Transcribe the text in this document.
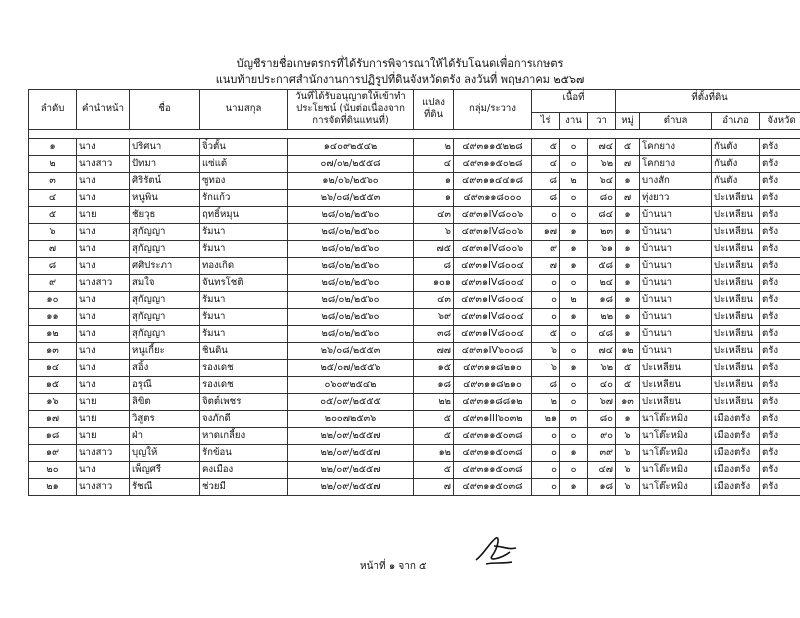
บัญชีรายชื่อเกษตรกรที่ได้รับการพิจารณาให้ได้รับโฉนดเพื่อการเกษตร
แนบท้ายประกาศสำนักงานการปฏิรูปที่ดินจังหวัดตรัง ลงวันที่ พฤษภาคม ๒๕๖๗
ลำดับ	คำนำหน้า	ชื่อ	นามสกุล	วันที่ได้รับอนุญาตให้เข้าทำประโยชน์ (นับต่อเนื่องจากการจัดที่ดินแทนที่)	แปลงที่ดิน	กลุ่ม/ระวาง	เนื้อที่			ที่ตั้งที่ดิน			

							ไร่	งาน	วา	หมู่	ตำบล	อำเภอ	จังหวัด

๑	นาง	ปริศนา	จิ๋วตั้น	๑๔๐๙๒๕๔๒	๒	๔๙๓๑๑๕๒๒๘	๕	๐	๗๔	๕	โคกยาง	กันตัง	ตรัง
๒	นางสาว	ปัทมา	แซ่แต้	๐๗/๐๒/๒๕๕๘	๔	๔๙๓๑๑๕๐๒๘	๔	๐	๖๒	๗	โคกยาง	กันตัง	ตรัง
๓	นาง	ศิริรัตน์	ซูทอง	๑๒/๐๖/๒๕๖๐	๑	๔๙๓๑๑๔๔๑๘	๘	๒	๖๔	๑	บางสัก	กันตัง	ตรัง
๔	นาง	หนูพิน	รักแก้ว	๒๖/๐๘/๒๕๕๓	๑	๔๙๓๑๑๘๐๐๐	๘	๐	๘๐	๗	ทุ่งยาว	ปะเหลียน	ตรัง
๕	นาย	ชัยวุธ	ฤทธิ์หมุน	๒๘/๐๒/๒๕๖๐	๔๓	๔๙๓๑IV๘๐๐๖	๐	๐	๘๔	๑	บ้านนา	ปะเหลียน	ตรัง
๖	นาง	สุกัญญา	รัมนา	๒๘/๐๒/๒๕๖๐	๖	๔๙๓๑IV๘๐๐๖	๑๗	๑	๒๓	๑	บ้านนา	ปะเหลียน	ตรัง
๗	นาง	สุกัญญา	รัมนา	๒๘/๐๒/๒๕๖๐	๗๕	๔๙๓๑IV๘๐๐๖	๙	๑	๖๑	๑	บ้านนา	ปะเหลียน	ตรัง
๘	นาง	ศศิประภา	ทองเกิด	๒๘/๐๒/๒๕๖๐	๘	๔๙๓๑IV๘๐๐๔	๗	๑	๕๘	๑	บ้านนา	ปะเหลียน	ตรัง
๙	นางสาว	สมใจ	จันทรโชติ	๒๘/๐๒/๒๕๖๐	๑๐๑	๔๙๓๑IV๘๐๐๔	๐	๐	๒๔	๑	บ้านนา	ปะเหลียน	ตรัง
๑๐	นาง	สุกัญญา	รัมนา	๒๘/๐๒/๒๕๖๐	๔๓	๔๙๓๑IV๘๐๐๔	๐	๒	๑๘	๑	บ้านนา	ปะเหลียน	ตรัง
๑๑	นาง	สุกัญญา	รัมนา	๒๘/๐๒/๒๕๖๐	๖๙	๔๙๓๑IV๘๐๐๔	๐	๑	๒๒	๑	บ้านนา	ปะเหลียน	ตรัง
๑๒	นาง	สุกัญญา	รัมนา	๒๘/๐๒/๒๕๖๐	๓๘	๔๙๓๑IV๘๐๐๔	๕	๐	๔๘	๑	บ้านนา	ปะเหลียน	ตรัง
๑๓	นาง	หนูเกี้ยะ	ชินดิน	๒๖/๐๘/๒๕๕๓	๗๗	๔๙๓๑IV๖๐๐๘	๖	๐	๗๔	๑๒	บ้านนา	ปะเหลียน	ตรัง
๑๔	นาง	สอิ้ง	รองเดช	๒๕/๐๗/๒๕๕๖	๑๕	๔๙๓๑๑๘๒๑๐	๖	๑	๖๒	๕	ปะเหลียน	ปะเหลียน	ตรัง
๑๕	นาง	อรุณี	รองเดช	๐๖๐๙๒๕๔๒	๑๘	๔๙๓๑๑๘๒๑๐	๘	๐	๔๐	๕	ปะเหลียน	ปะเหลียน	ตรัง
๑๖	นาย	ลิขิต	จิตต์เพชร	๐๕/๐๙/๒๕๕๕	๒๒	๔๙๓๑๑๘๘๑๒	๒	๐	๖๗	๑๓	ปะเหลียน	ปะเหลียน	ตรัง
๑๗	นาย	วิสูตร	จงภักดี	๒๐๐๗๒๕๓๖	๕	๔๙๓๑III๖๐๓๒	๒๑	๓	๘๐	๑	นาโต๊ะหมิง	เมืองตรัง	ตรัง
๑๘	นาย	ฝ่า	หาดเกลี้ยง	๒๒/๐๙/๒๕๕๗	๕	๔๙๓๑๑๕๐๓๘	๐	๐	๙๐	๖	นาโต๊ะหมิง	เมืองตรัง	ตรัง
๑๙	นางสาว	บุญให้	รักข้อน	๒๒/๐๙/๒๕๕๗	๑๒	๔๙๓๑๑๕๐๓๘	๐	๑	๓๙	๖	นาโต๊ะหมิง	เมืองตรัง	ตรัง
๒๐	นาง	เพ็ญศรี	คงเมือง	๒๒/๐๙/๒๕๕๗	๕	๔๙๓๑๑๕๐๓๘	๐	๐	๔๗	๖	นาโต๊ะหมิง	เมืองตรัง	ตรัง
๒๑	นางสาว	รัชณี	ช่วยมี	๒๒/๐๙/๒๕๕๗	๗	๔๙๓๑๑๕๐๓๘	๐	๑	๑๘	๖	นาโต๊ะหมิง	เมืองตรัง	ตรัง
หน้าที่ ๑ จาก ๕
